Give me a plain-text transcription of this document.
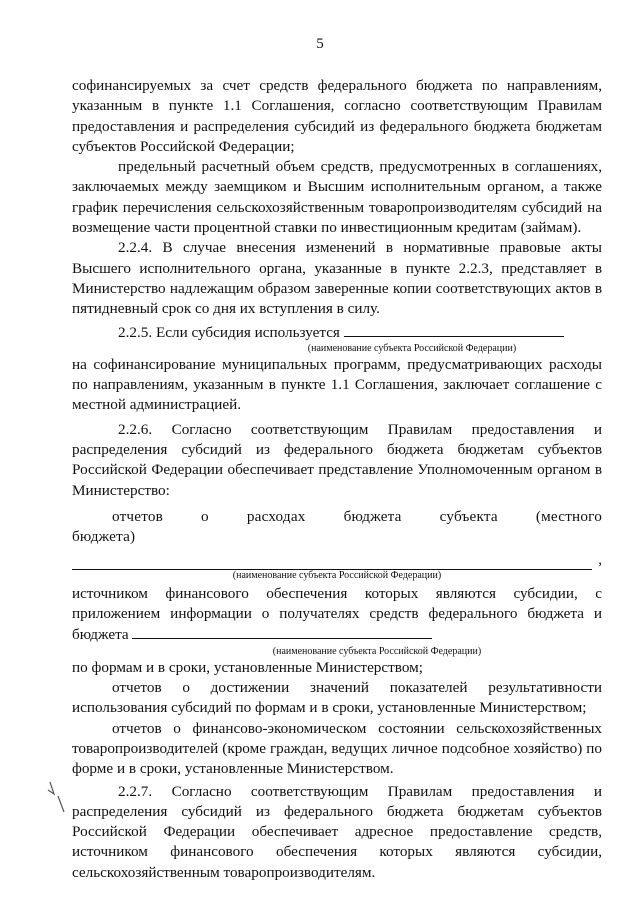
5

софинансируемых за счет средств федерального бюджета по направлениям, указанным в пункте 1.1 Соглашения, согласно соответствующим Правилам предоставления и распределения субсидий из федерального бюджета бюджетам субъектов Российской Федерации;

предельный расчетный объем средств, предусмотренных в соглашениях, заключаемых между заемщиком и Высшим исполнительным органом, а также график перечисления сельскохозяйственным товаропроизводителям субсидий на возмещение части процентной ставки по инвестиционным кредитам (займам).

2.2.4. В случае внесения изменений в нормативные правовые акты Высшего исполнительного органа, указанные в пункте 2.2.3, представляет в Министерство надлежащим образом заверенные копии соответствующих актов в пятидневный срок со дня их вступления в силу.

2.2.5. Если субсидия используется

(наименование субъекта Российской Федерации)

на софинансирование муниципальных программ, предусматривающих расходы по направлениям, указанным в пункте 1.1 Соглашения, заключает соглашение с местной администрацией.

2.2.6. Согласно соответствующим Правилам предоставления и распределения субсидий из федерального бюджета бюджетам субъектов Российской Федерации обеспечивает представление Уполномоченным органом в Министерство:

отчетов о расходах бюджета субъекта (местного бюджета)

,

(наименование субъекта Российской Федерации)

источником финансового обеспечения которых являются субсидии, с приложением информации о получателях средств федерального бюджета и бюджета

(наименование субъекта Российской Федерации)

по формам и в сроки, установленные Министерством;

отчетов о достижении значений показателей результативности использования субсидий по формам и в сроки, установленные Министерством;

отчетов о финансово-экономическом состоянии сельскохозяйственных товаропроизводителей (кроме граждан, ведущих личное подсобное хозяйство) по форме и в сроки, установленные Министерством.

2.2.7. Согласно соответствующим Правилам предоставления и распределения субсидий из федерального бюджета бюджетам субъектов Российской Федерации обеспечивает адресное предоставление средств, источником финансового обеспечения которых являются субсидии, сельскохозяйственным товаропроизводителям.
